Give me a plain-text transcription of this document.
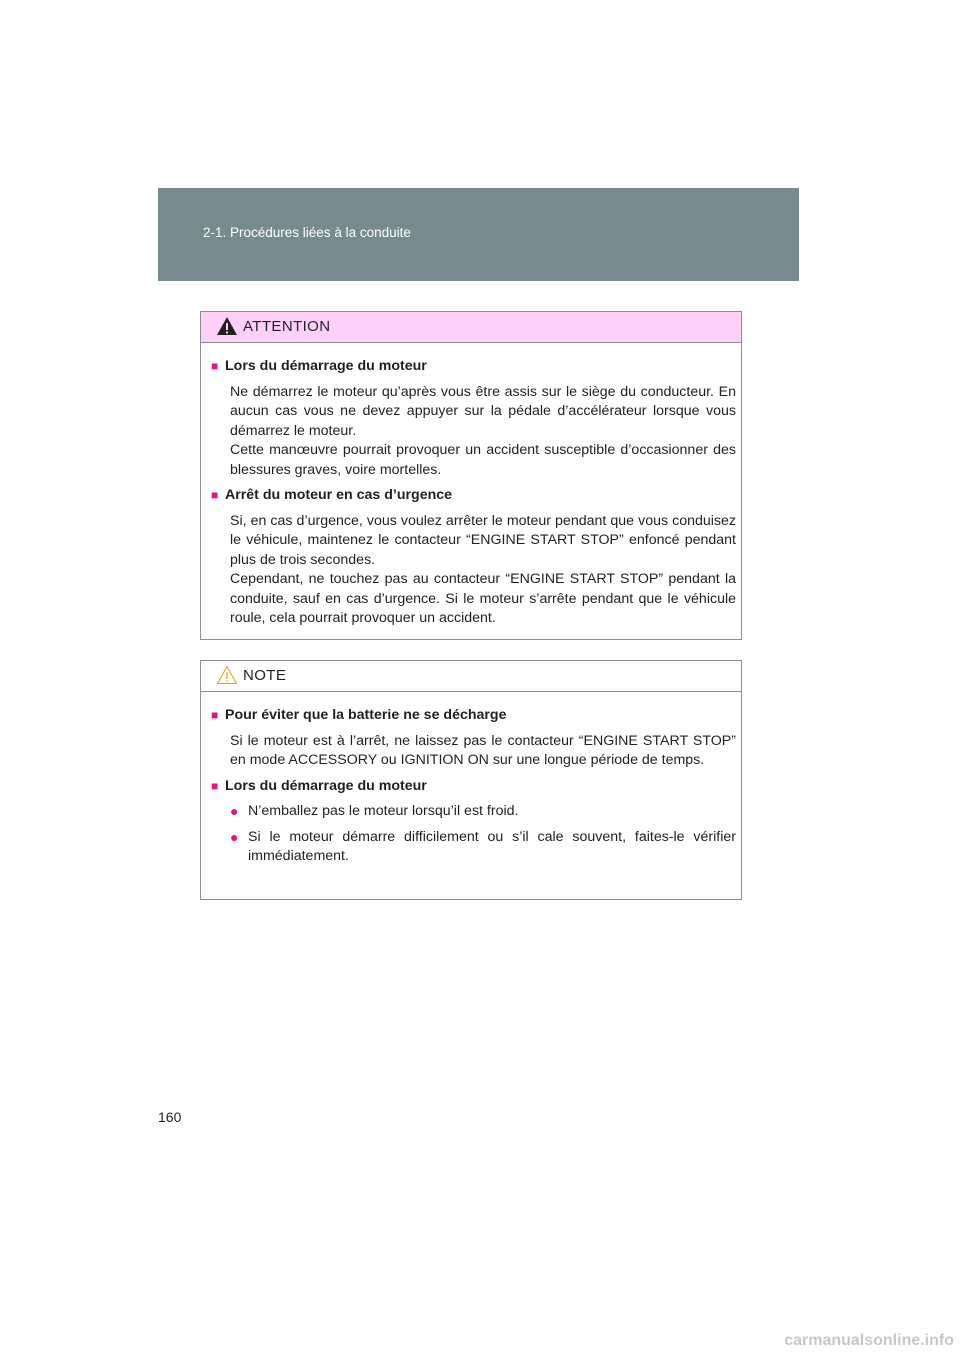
2-1. Procédures liées à la conduite
ATTENTION
■ Lors du démarrage du moteur
Ne démarrez le moteur qu’après vous être assis sur le siège du conducteur. En aucun cas vous ne devez appuyer sur la pédale d’accélérateur lorsque vous démarrez le moteur.
Cette manœuvre pourrait provoquer un accident susceptible d’occasionner des blessures graves, voire mortelles.
■ Arrêt du moteur en cas d’urgence
Si, en cas d’urgence, vous voulez arrêter le moteur pendant que vous conduisez le véhicule, maintenez le contacteur “ENGINE START STOP” enfoncé pendant plus de trois secondes.
Cependant, ne touchez pas au contacteur “ENGINE START STOP” pendant la conduite, sauf en cas d’urgence. Si le moteur s’arrête pendant que le véhicule roule, cela pourrait provoquer un accident.
NOTE
■ Pour éviter que la batterie ne se décharge
Si le moteur est à l’arrêt, ne laissez pas le contacteur “ENGINE START STOP” en mode ACCESSORY ou IGNITION ON sur une longue période de temps.
■ Lors du démarrage du moteur
● N’emballez pas le moteur lorsqu’il est froid.
● Si le moteur démarre difficilement ou s’il cale souvent, faites-le vérifier immédiatement.
160
carmanualsonline.info
